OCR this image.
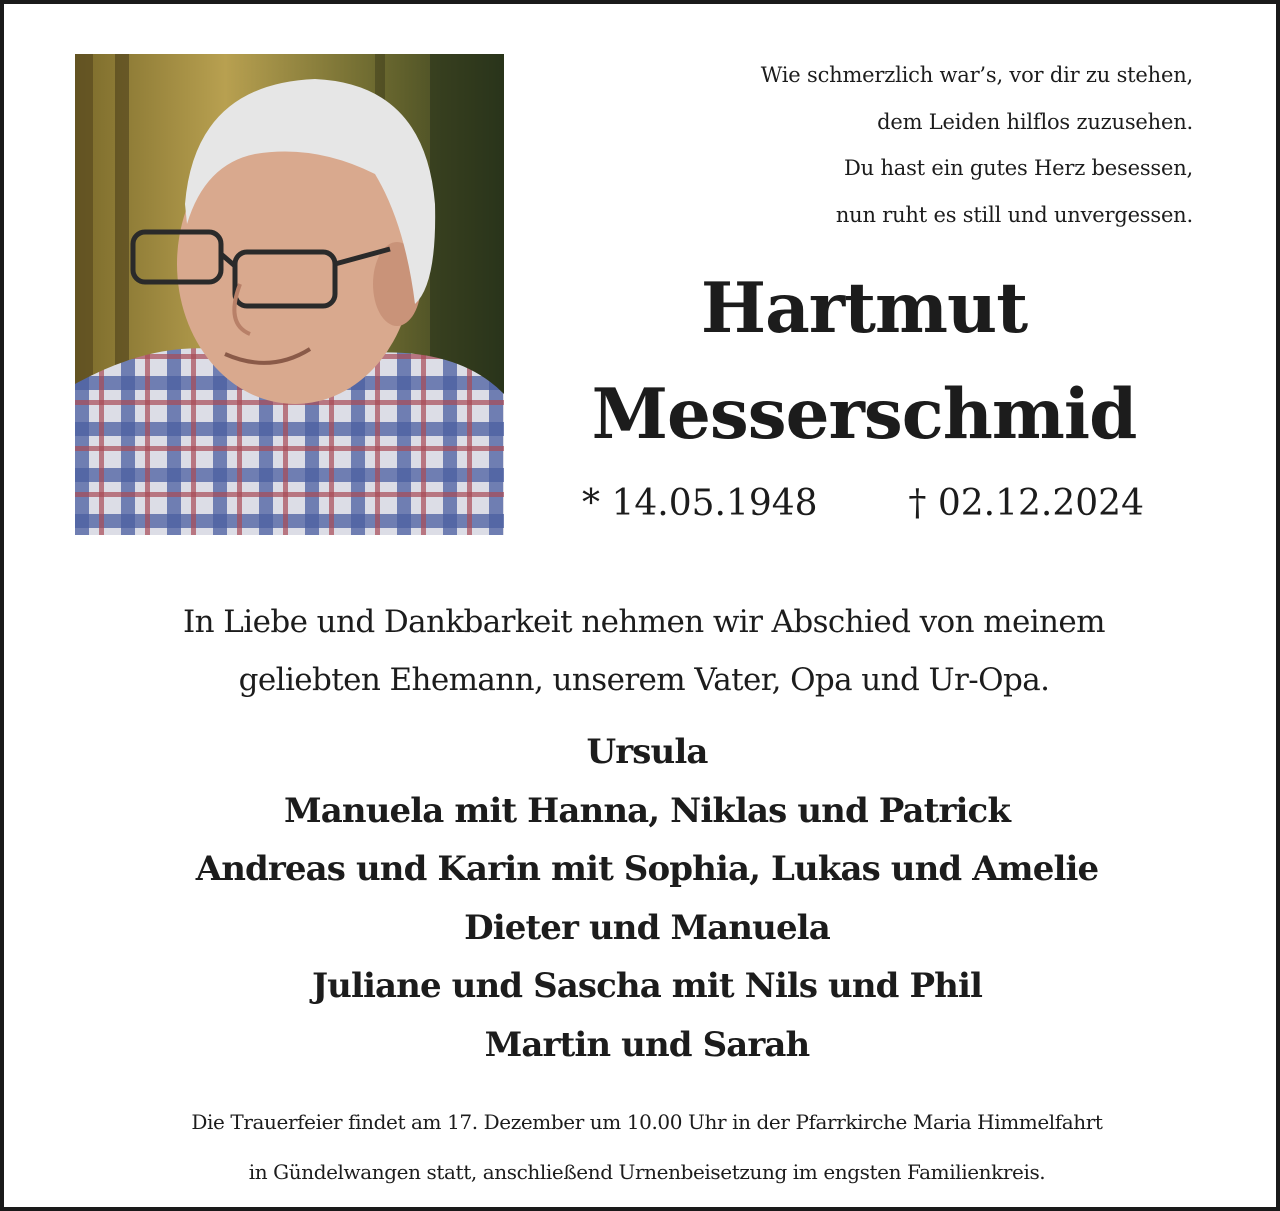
Wie schmerzlich war’s, vor dir zu stehen,
dem Leiden hilflos zuzusehen.
Du hast ein gutes Herz besessen,
nun ruht es still und unvergessen.
Hartmut
Messerschmid
* 14.05.1948	† 02.12.2024
In Liebe und Dankbarkeit nehmen wir Abschied von meinem
geliebten Ehemann, unserem Vater, Opa und Ur-Opa.
Ursula
Manuela mit Hanna, Niklas und Patrick
Andreas und Karin mit Sophia, Lukas und Amelie
Dieter und Manuela
Juliane und Sascha mit Nils und Phil
Martin und Sarah
Die Trauerfeier findet am 17. Dezember um 10.00 Uhr in der Pfarrkirche Maria Himmelfahrt
in Gündelwangen statt, anschließend Urnenbeisetzung im engsten Familienkreis.
